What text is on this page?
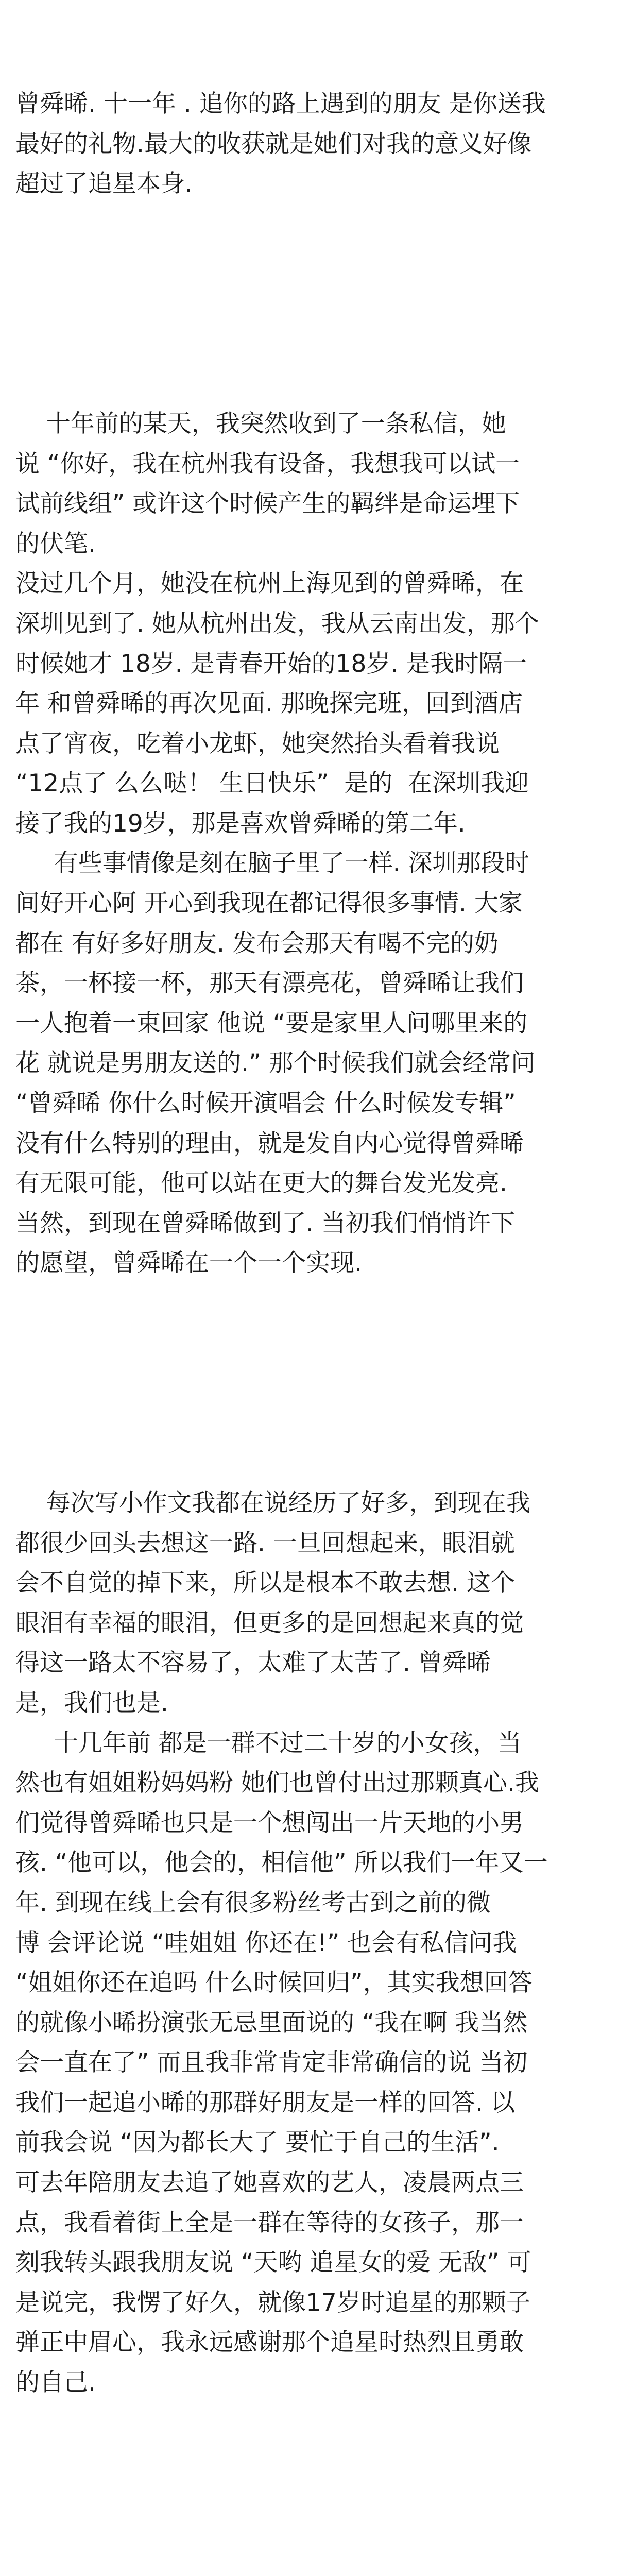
曾舜晞. 十一年 . 追你的路上遇到的朋友 是你送我
最好的礼物.最大的收获就是她们对我的意义好像
超过了追星本身.

十年前的某天，我突然收到了一条私信，她
说 “你好，我在杭州我有设备，我想我可以试一
试前线组” 或许这个时候产生的羁绊是命运埋下
的伏笔.
没过几个月，她没在杭州上海见到的曾舜晞，在
深圳见到了. 她从杭州出发，我从云南出发，那个
时候她才 18岁. 是青春开始的18岁. 是我时隔一
年 和曾舜晞的再次见面. 那晚探完班，回到酒店
点了宵夜，吃着小龙虾，她突然抬头看着我说
“12点了 么么哒！ 生日快乐”  是的  在深圳我迎
接了我的19岁，那是喜欢曾舜晞的第二年.
有些事情像是刻在脑子里了一样. 深圳那段时
间好开心阿 开心到我现在都记得很多事情. 大家
都在 有好多好朋友. 发布会那天有喝不完的奶
茶，一杯接一杯，那天有漂亮花，曾舜晞让我们
一人抱着一束回家 他说 “要是家里人问哪里来的
花 就说是男朋友送的.” 那个时候我们就会经常问
“曾舜晞 你什么时候开演唱会 什么时候发专辑”
没有什么特别的理由，就是发自内心觉得曾舜晞
有无限可能，他可以站在更大的舞台发光发亮.
当然，到现在曾舜晞做到了. 当初我们悄悄许下
的愿望，曾舜晞在一个一个实现.

每次写小作文我都在说经历了好多，到现在我
都很少回头去想这一路. 一旦回想起来，眼泪就
会不自觉的掉下来，所以是根本不敢去想. 这个
眼泪有幸福的眼泪，但更多的是回想起来真的觉
得这一路太不容易了，太难了太苦了. 曾舜晞
是，我们也是.
十几年前 都是一群不过二十岁的小女孩，当
然也有姐姐粉妈妈粉 她们也曾付出过那颗真心.我
们觉得曾舜晞也只是一个想闯出一片天地的小男
孩. “他可以，他会的，相信他” 所以我们一年又一
年. 到现在线上会有很多粉丝考古到之前的微
博 会评论说 “哇姐姐 你还在!” 也会有私信问我
“姐姐你还在追吗 什么时候回归”，其实我想回答
的就像小晞扮演张无忌里面说的 “我在啊 我当然
会一直在了” 而且我非常肯定非常确信的说 当初
我们一起追小晞的那群好朋友是一样的回答. 以
前我会说 “因为都长大了 要忙于自己的生活”.
可去年陪朋友去追了她喜欢的艺人，凌晨两点三
点，我看着街上全是一群在等待的女孩子，那一
刻我转头跟我朋友说 “天哟 追星女的爱 无敌” 可
是说完，我愣了好久，就像17岁时追星的那颗子
弹正中眉心，我永远感谢那个追星时热烈且勇敢
的自己.
